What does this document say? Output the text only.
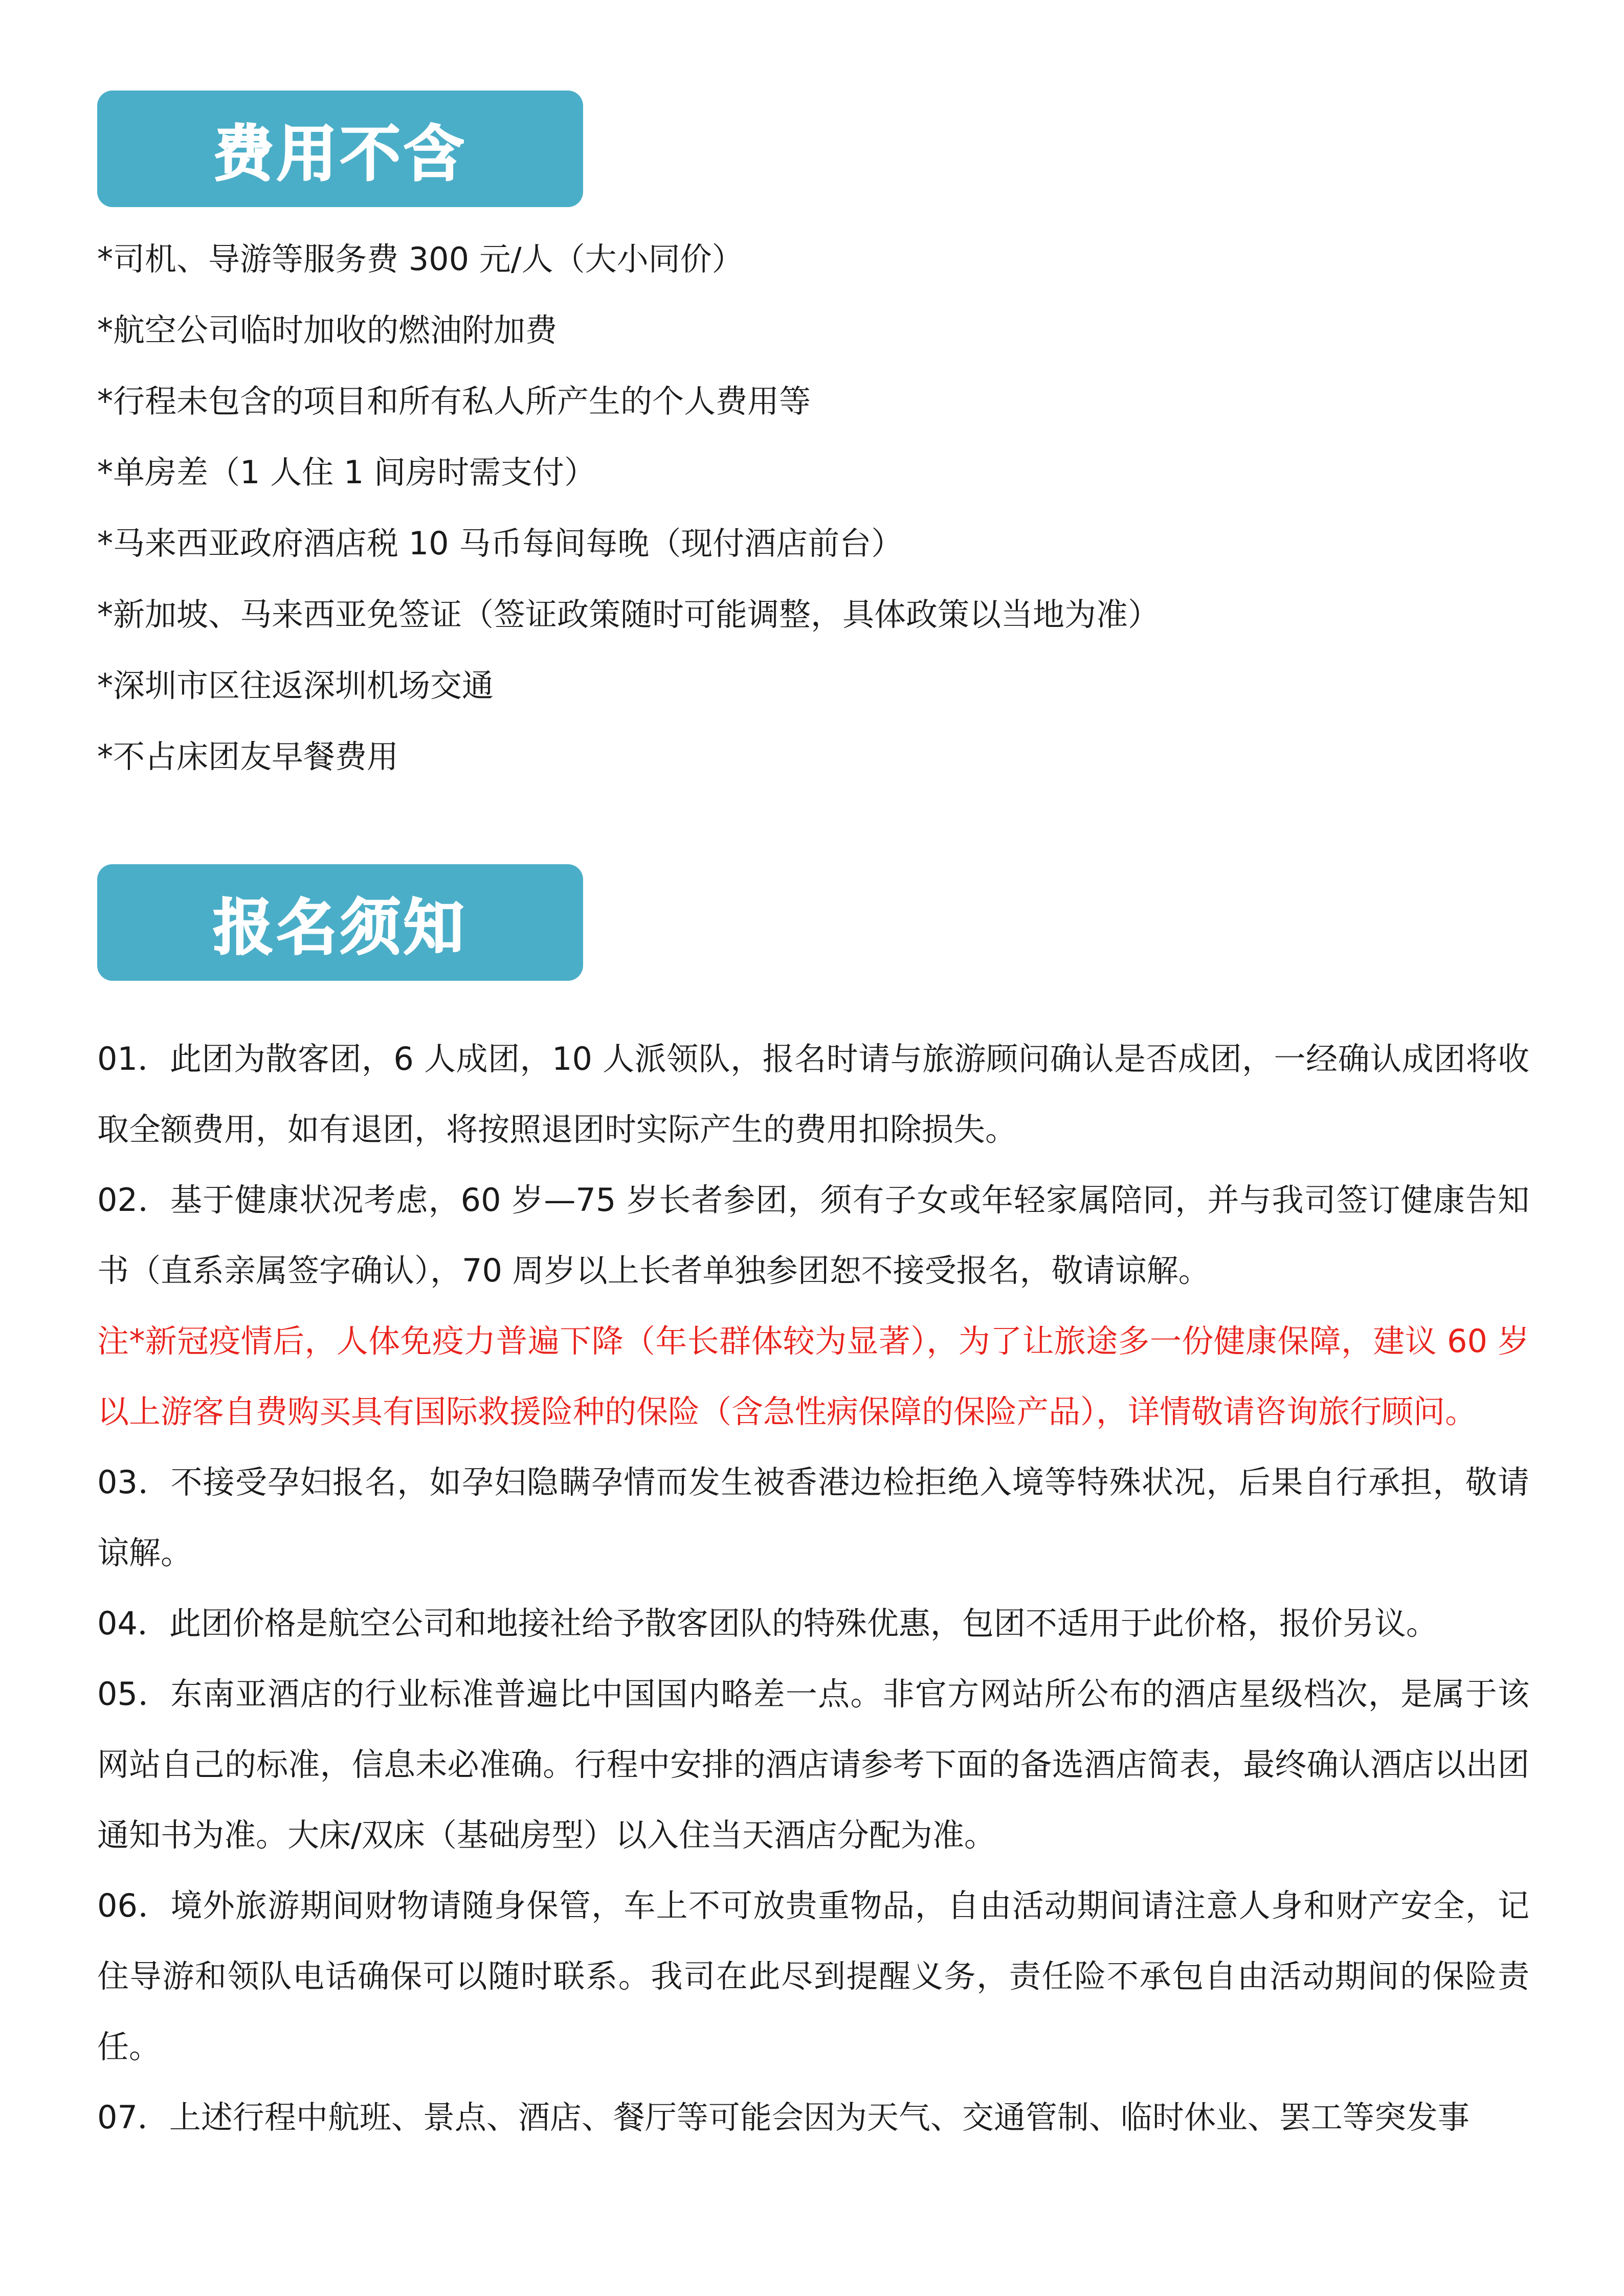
费用不含
*司机、导游等服务费 300 元/人（大小同价）
*航空公司临时加收的燃油附加费
*行程未包含的项目和所有私人所产生的个人费用等
*单房差（1 人住 1 间房时需支付）
*马来西亚政府酒店税 10 马币每间每晚（现付酒店前台）
*新加坡、马来西亚免签证（签证政策随时可能调整，具体政策以当地为准）
*深圳市区往返深圳机场交通
*不占床团友早餐费用
报名须知

01．此团为散客团，6 人成团，10 人派领队，报名时请与旅游顾问确认是否成团，一经确认成团将收取全额费用，如有退团，将按照退团时实际产生的费用扣除损失。

02．基于健康状况考虑，60 岁—75 岁长者参团，须有子女或年轻家属陪同，并与我司签订健康告知书（直系亲属签字确认），70 周岁以上长者单独参团恕不接受报名，敬请谅解。

注*新冠疫情后，人体免疫力普遍下降（年长群体较为显著），为了让旅途多一份健康保障，建议 60 岁以上游客自费购买具有国际救援险种的保险（含急性病保障的保险产品），详情敬请咨询旅行顾问。

03．不接受孕妇报名，如孕妇隐瞒孕情而发生被香港边检拒绝入境等特殊状况，后果自行承担，敬请谅解。

04．此团价格是航空公司和地接社给予散客团队的特殊优惠，包团不适用于此价格，报价另议。

05．东南亚酒店的行业标准普遍比中国国内略差一点。非官方网站所公布的酒店星级档次，是属于该网站自己的标准，信息未必准确。行程中安排的酒店请参考下面的备选酒店简表，最终确认酒店以出团通知书为准。大床/双床（基础房型）以入住当天酒店分配为准。

06．境外旅游期间财物请随身保管，车上不可放贵重物品，自由活动期间请注意人身和财产安全，记住导游和领队电话确保可以随时联系。我司在此尽到提醒义务，责任险不承包自由活动期间的保险责任。

07．上述行程中航班、景点、酒店、餐厅等可能会因为天气、交通管制、临时休业、罢工等突发事
